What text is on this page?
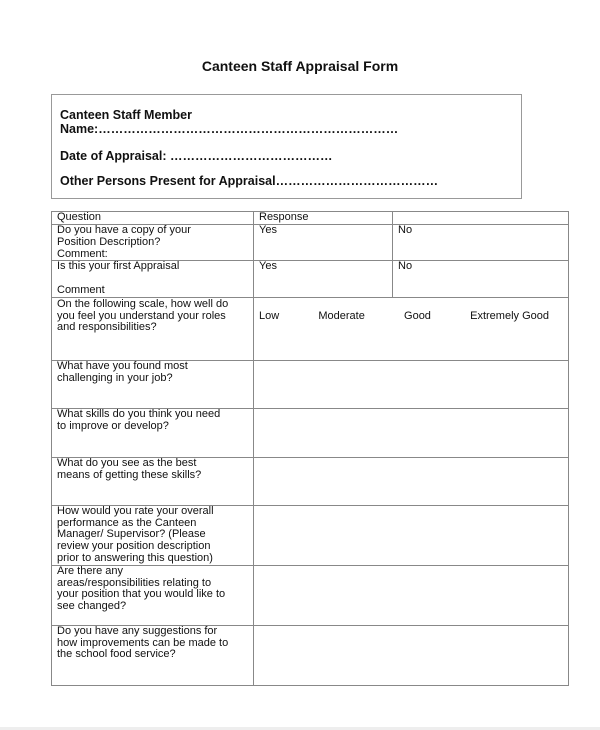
Canteen Staff Appraisal Form
Canteen Staff Member
Name:………………………………………………………………
Date of Appraisal: …………………………………
Other Persons Present for Appraisal…………………………………
Question	Response	
Do you have a copy of your
Position Description?
Comment:	Yes	No
Is this your first Appraisal

Comment	Yes	No
On the following scale, how well do
you feel you understand your roles
and responsibilities?	Low Moderate Good Extremely Good	

What have you found most
challenging in your job?		
What skills do you think you need
to improve or develop?		
What do you see as the best
means of getting these skills?		
How would you rate your overall
performance as the Canteen
Manager/ Supervisor? (Please
review your position description
prior to answering this question)		
Are there any
areas/responsibilities relating to
your position that you would like to
see changed?		
Do you have any suggestions for
how improvements can be made to
the school food service?		
